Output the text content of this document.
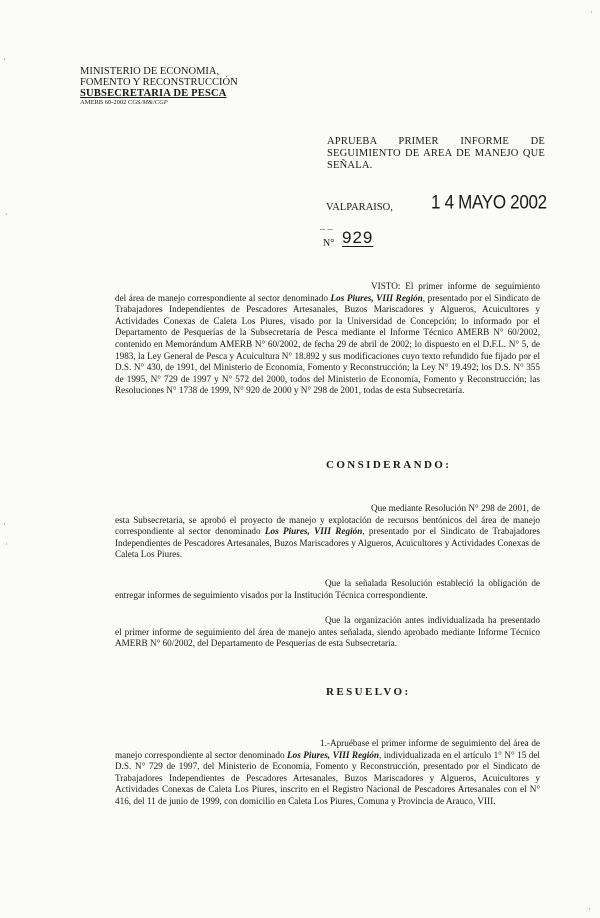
·
·
·
·
·
·
MINISTERIO DE ECONOMIA,
FOMENTO Y RECONSTRUCCIÓN
SUBSECRETARIA DE PESCA
AMERB 60-2002 CGS/M&/CGP
APRUEBA PRIMER INFORME DE SEGUIMIENTO DE AREA DE MANEJO QUE SEÑALA.
VALPARAISO, 1 4 MAYO 2002
– –
N° 929
VISTO: El primer informe de seguimiento del área de manejo correspondiente al sector denominado Los Piures, VIII Región, presentado por el Sindicato de Trabajadores Independientes de Pescadores Artesanales, Buzos Mariscadores y Algueros, Acuicultores y Actividades Conexas de Caleta Los Piures, visado por la Universidad de Concepción; lo informado por el Departamento de Pesquerías de la Subsecretaría de Pesca mediante el Informe Técnico AMERB N° 60/2002, contenido en Memorándum AMERB N° 60/2002, de fecha 29 de abril de 2002; lo dispuesto en el D.F.L. N° 5, de 1983, la Ley General de Pesca y Acuicultura N° 18.892 y sus modificaciones cuyo texto refundido fue fijado por el D.S. N° 430, de 1991, del Ministerio de Economía, Fomento y Reconstrucción; la Ley N° 19.492; los D.S. N° 355 de 1995, N° 729 de 1997 y N° 572 del 2000, todos del Ministerio de Economía, Fomento y Reconstrucción; las Resoluciones N° 1738 de 1999, N° 920 de 2000 y N° 298 de 2001, todas de esta Subsecretaría.
CONSIDERANDO:
Que mediante Resolución N° 298 de 2001, de esta Subsecretaría, se aprobó el proyecto de manejo y explotación de recursos bentónicos del área de manejo correspondiente al sector denominado Los Piures, VIII Región, presentado por el Sindicato de Trabajadores Independientes de Pescadores Artesanales, Buzos Mariscadores y Algueros, Acuicultores y Actividades Conexas de Caleta Los Piures.
Que la señalada Resolución estableció la obligación de entregar informes de seguimiento visados por la Institución Técnica correspondiente.
Que la organización antes individualizada ha presentado el primer informe de seguimiento del área de manejo antes señalada, siendo aprobado mediante Informe Técnico AMERB N° 60/2002, del Departamento de Pesquerías de esta Subsecretaría.
RESUELVO:
1.-Apruébase el primer informe de seguimiento del área de manejo correspondiente al sector denominado Los Piures, VIII Región, individualizada en el artículo 1° N° 15 del D.S. N° 729 de 1997, del Ministerio de Economía, Fomento y Reconstrucción, presentado por el Sindicato de Trabajadores Independientes de Pescadores Artesanales, Buzos Mariscadores y Algueros, Acuicultores y Actividades Conexas de Caleta Los Piures, inscrito en el Registro Nacional de Pescadores Artesanales con el N° 416, del 11 de junio de 1999, con domicilio en Caleta Los Piures, Comuna y Provincia de Arauco, VIII.
